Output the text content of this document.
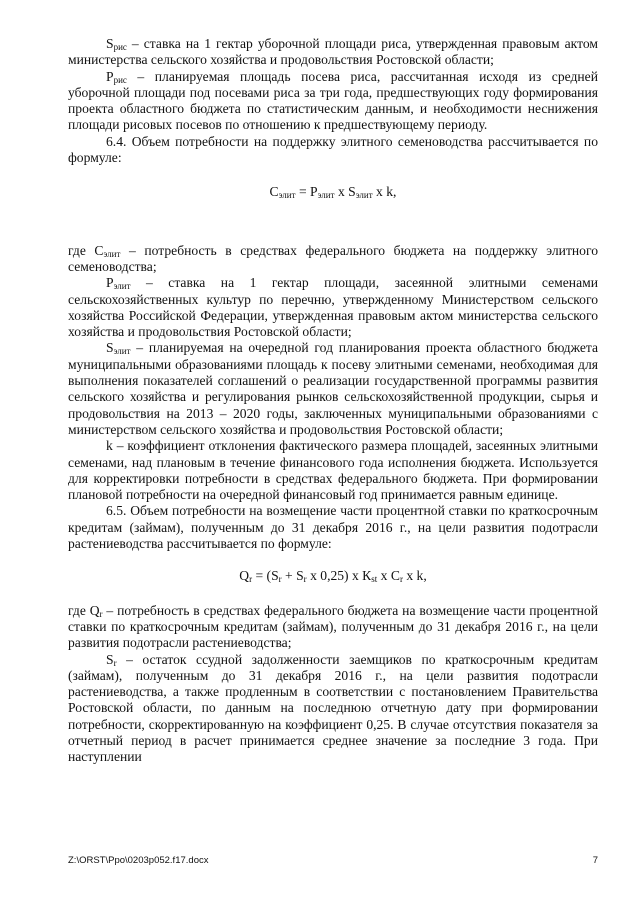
$S_{рис}$ – ставка на 1 гектар уборочной площади риса, утвержденная правовым актом министерства сельского хозяйства и продовольствия Ростовской области;

$P_{рис}$ – планируемая площадь посева риса, рассчитанная исходя из средней уборочной площади под посевами риса за три года, предшествующих году формирования проекта областного бюджета по статистическим данным, и необходимости неснижения площади рисовых посевов по отношению к предшествующему периоду.

6.4. Объем потребности на поддержку элитного семеноводства рассчитывается по формуле:

$С_{элит} = P_{элит}$ х $S_{элит}$ х k,

где $С_{элит}$ – потребность в средствах федерального бюджета на поддержку элитного семеноводства;

$P_{элит}$ – ставка на 1 гектар площади, засеянной элитными семенами сельскохозяйственных культур по перечню, утвержденному Министерством сельского хозяйства Российской Федерации, утвержденная правовым актом министерства сельского хозяйства и продовольствия Ростовской области;

$S_{элит}$ – планируемая на очередной год планирования проекта областного бюджета муниципальными образованиями площадь к посеву элитными семенами, необходимая для выполнения показателей соглашений о реализации государственной программы развития сельского хозяйства и регулирования рынков сельскохозяйственной продукции, сырья и продовольствия на 2013 – 2020 годы, заключенных муниципальными образованиями с министерством сельского хозяйства и продовольствия Ростовской области;

k – коэффициент отклонения фактического размера площадей, засеянных элитными семенами, над плановым в течение финансового года исполнения бюджета. Используется для корректировки потребности в средствах федерального бюджета. При формировании плановой потребности на очередной финансовый год принимается равным единице.

6.5. Объем потребности на возмещение части процентной ставки по краткосрочным кредитам (займам), полученным до 31 декабря 2016 г., на цели развития подотрасли растениеводства рассчитывается по формуле:

$Q_r = (S_r + S_r$ х 0,25) х $К_{st}$ х $С_r$ х k,

где $Q_r$ – потребность в средствах федерального бюджета на возмещение части процентной ставки по краткосрочным кредитам (займам), полученным до 31 декабря 2016 г., на цели развития подотрасли растениеводства;

$S_r$ – остаток ссудной задолженности заемщиков по краткосрочным кредитам (займам), полученным до 31 декабря 2016 г., на цели развития подотрасли растениеводства, а также продленным в соответствии с постановлением Правительства Ростовской области, по данным на последнюю отчетную дату при формировании потребности, скорректированную на коэффициент 0,25. В случае отсутствия показателя за отчетный период в расчет принимается среднее значение за последние 3 года. При наступлении

Z:\ORST\Ppo\0203p052.f17.docx	7
